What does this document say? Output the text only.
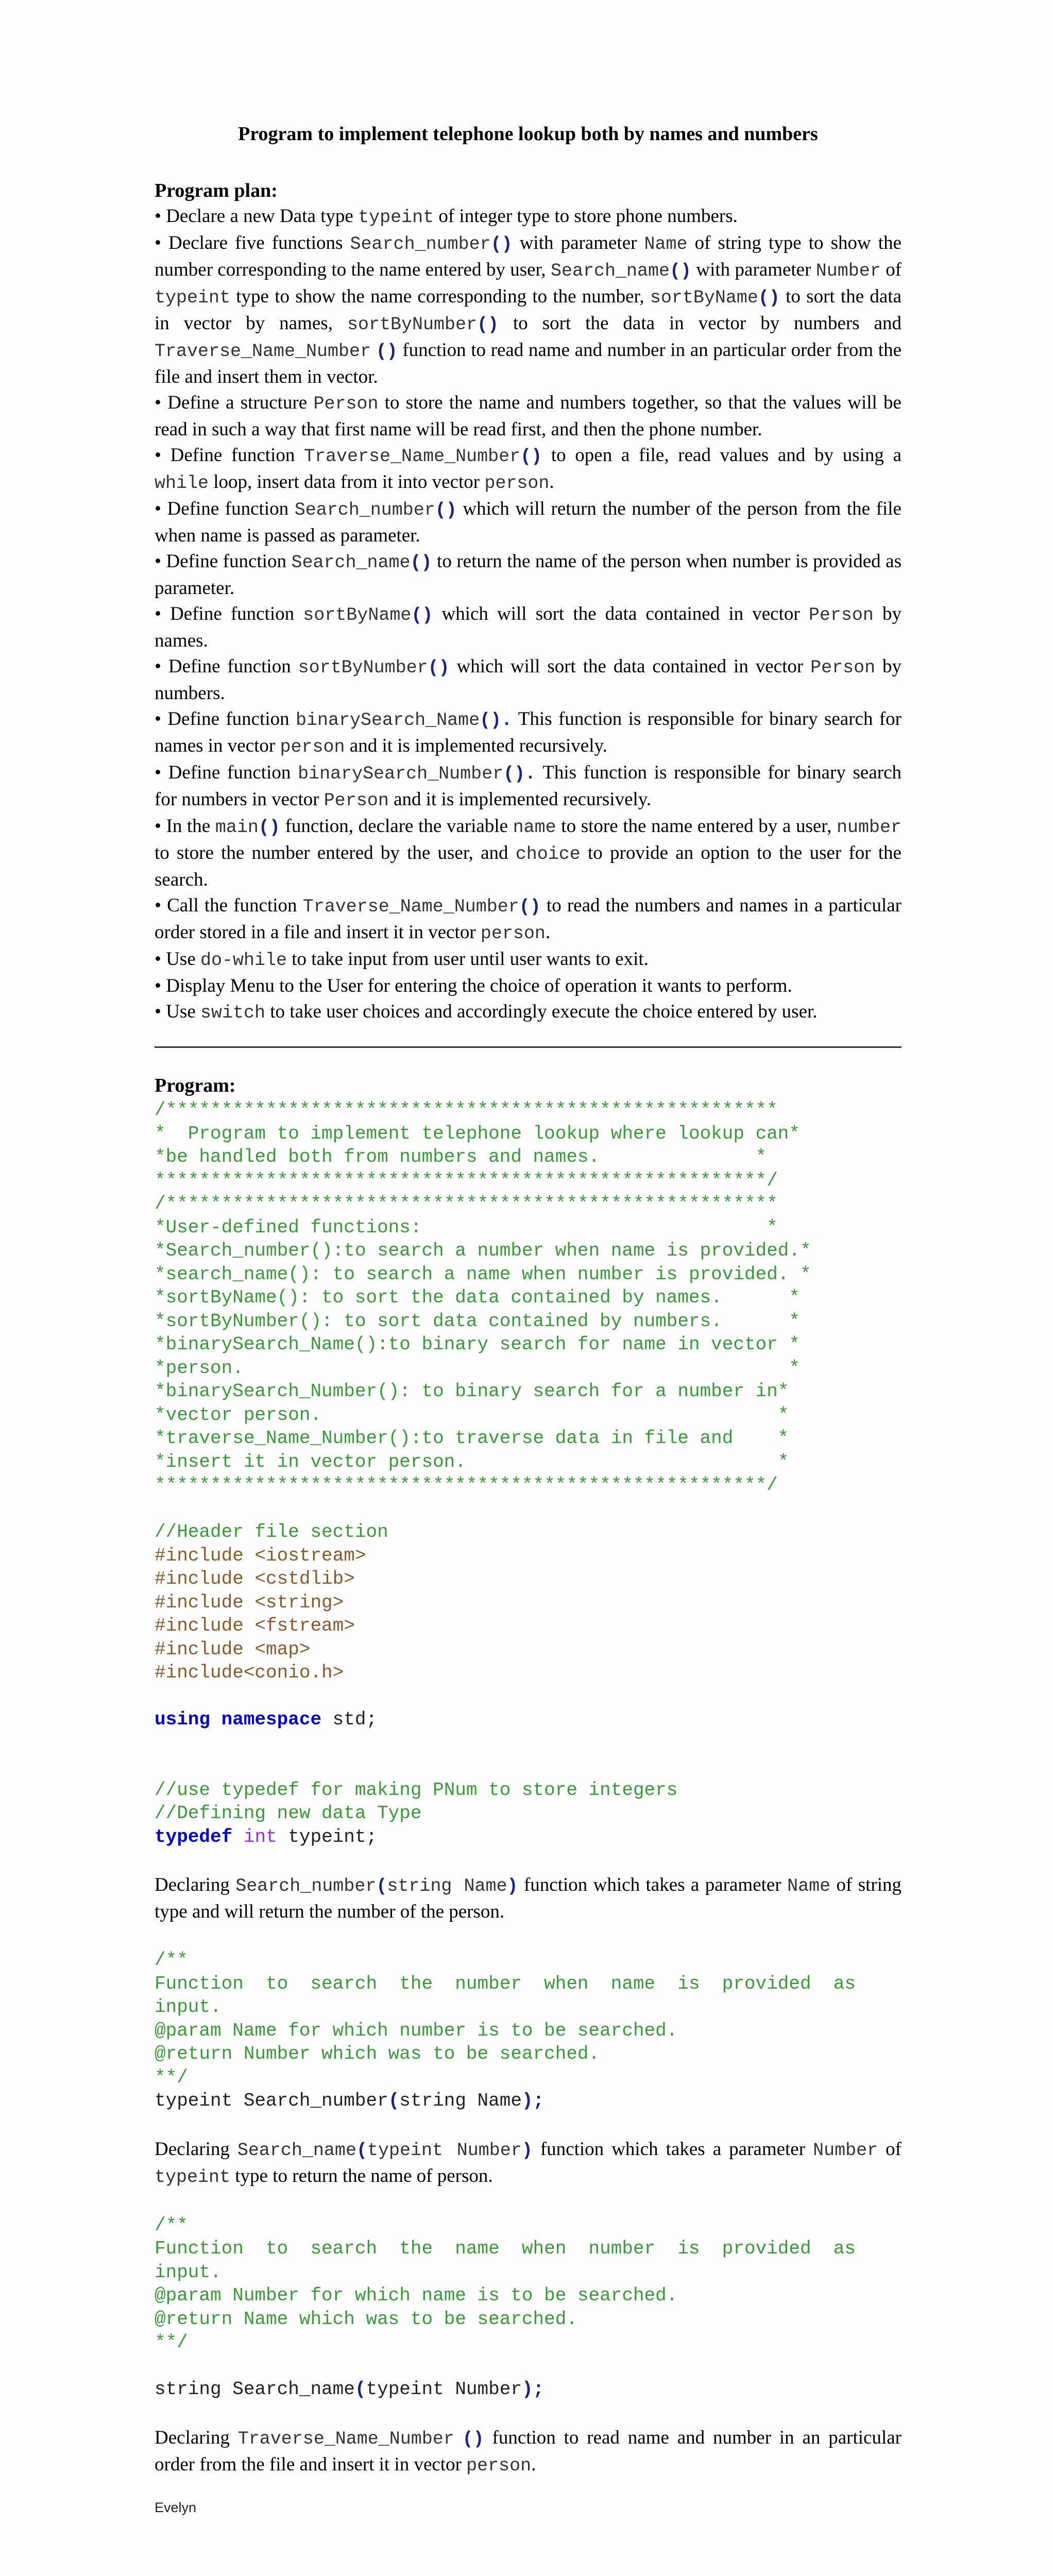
Program to implement telephone lookup both by names and numbers
Program plan:

• Declare a new Data type typeint of integer type to store phone numbers.

• Declare five functions Search_number() with parameter Name of string type to show the number corresponding to the name entered by user, Search_name() with parameter Number of typeint type to show the name corresponding to the number, sortByName() to sort the data in vector by names, sortByNumber() to sort the data in vector by numbers and Traverse_Name_Number () function to read name and number in an particular order from the file and insert them in vector.

• Define a structure Person to store the name and numbers together, so that the values will be read in such a way that first name will be read first, and then the phone number.

• Define function Traverse_Name_Number() to open a file, read values and by using a while loop, insert data from it into vector person.

• Define function Search_number() which will return the number of the person from the file when name is passed as parameter.

• Define function Search_name() to return the name of the person when number is provided as parameter.

• Define function sortByName() which will sort the data contained in vector Person by names.

• Define function sortByNumber() which will sort the data contained in vector Person by numbers.

• Define function binarySearch_Name(). This function is responsible for binary search for names in vector person and it is implemented recursively.

• Define function binarySearch_Number(). This function is responsible for binary search for numbers in vector Person and it is implemented recursively.

• In the main() function, declare the variable name to store the name entered by a user, number to store the number entered by the user, and choice to provide an option to the user for the search.

• Call the function Traverse_Name_Number() to read the numbers and names in a particular order stored in a file and insert it in vector person.

• Use do-while to take input from user until user wants to exit.

• Display Menu to the User for entering the choice of operation it wants to perform.

• Use switch to take user choices and accordingly execute the choice entered by user.

Program:
/*******************************************************
*  Program to implement telephone lookup where lookup can*
*be handled both from numbers and names.              *
*******************************************************/
/*******************************************************
*User-defined functions:                               *
*Search_number():to search a number when name is provided.*
*search_name(): to search a name when number is provided. *
*sortByName(): to sort the data contained by names.      *
*sortByNumber(): to sort data contained by numbers.      *
*binarySearch_Name():to binary search for name in vector *
*person.                                                 *
*binarySearch_Number(): to binary search for a number in*
*vector person.                                         *
*traverse_Name_Number():to traverse data in file and    *
*insert it in vector person.                            *
*******************************************************/

//Header file section
#include <iostream>
#include <cstdlib>
#include <string>
#include <fstream>
#include <map>
#include<conio.h>

using namespace std;

//use typedef for making PNum to store integers
//Defining new data Type
typedef int typeint;

Declaring Search_number(string Name) function which takes a parameter Name of string type and will return the number of the person.

/**
Function  to  search  the  number  when  name  is  provided  as
input.
@param Name for which number is to be searched.
@return Number which was to be searched.
**/
typeint Search_number(string Name);

Declaring Search_name(typeint Number) function which takes a parameter Number of typeint type to return the name of person.

/**
Function  to  search  the  name  when  number  is  provided  as
input.
@param Number for which name is to be searched.
@return Name which was to be searched.
**/

string Search_name(typeint Number);

Declaring Traverse_Name_Number () function to read name and number in an particular order from the file and insert it in vector person.

Evelyn
